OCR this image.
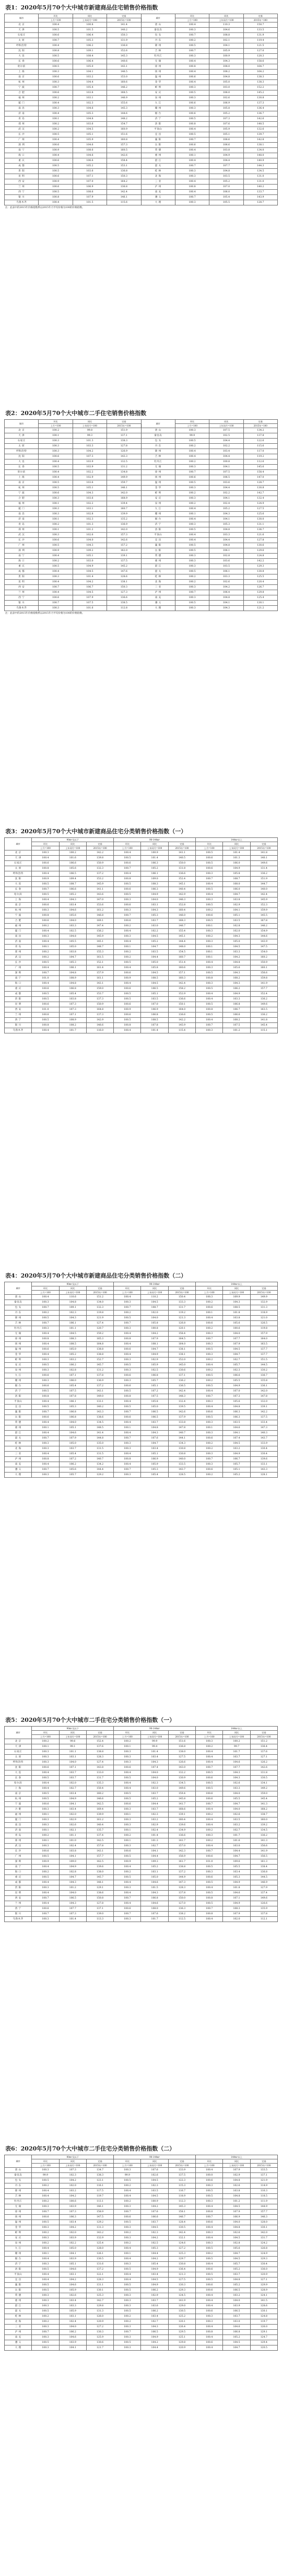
表1：2020年5月70个大中城市新建商品住宅销售价格指数
城市	环比	同比	定基	城市	环比	同比	定基
	上月=100	上年同月=100	2015年=100		上月=100	上年同月=100	2015年=100
北 京	100.4	100.8	141.4	唐 山	100.4	110.3	150.7
天 津	100.5	101.5	140.2	秦皇岛	100.3	104.6	133.5
石家庄	100.6	106.4	150.3	包 头	100.7	108.8	131.9
太 原	100.7	105.3	131.9	丹 东	100.2	102.1	119.4
呼和浩特	100.4	106.2	136.8	锦 州	100.5	104.1	121.5
沈 阳	100.8	109.1	152.6	吉 林	100.7	105.9	127.0
大 连	100.5	108.4	145.3	牡丹江	100.3	100.9	120.3
长 春	100.6	106.4	140.6	无 锡	100.4	104.3	158.6
哈尔滨	100.5	105.0	143.1	徐 州	100.8	108.0	164.7
上 海	100.3	104.1	146.5	扬 州	100.4	108.2	164.2
南 京	100.6	103.2	153.0	温 州	100.6	104.8	138.3
杭 州	100.3	104.4	160.6	金 华	100.4	105.0	138.3
宁 波	100.7	105.4	146.2	蚌 埠	100.3	103.0	152.2
合 肥	100.6	103.8	168.5	安 庆	100.5	106.0	145.2
福 州	100.2	103.1	146.9	泉 州	100.3	102.6	130.8
厦 门	100.4	102.3	155.6	九 江	100.6	106.9	137.3
南 昌	100.3	104.6	145.3	赣 州	100.3	105.8	136.4
济 南	100.4	105.3	144.6	烟 台	100.6	105.2	136.7
青 岛	100.1	104.8	148.2	济 宁	100.5	107.3	142.6
郑 州	100.2	103.6	154.7	洛 阳	100.8	107.6	148.5
武 汉	100.2	104.5	160.9	平顶山	100.4	105.9	132.6
长 沙	100.5	105.1	151.6	宜 昌	100.5	105.1	139.7
广 州	100.4	105.9	160.8	襄 阳	100.7	106.6	142.8
深 圳	100.6	104.6	157.3	岳 阳	100.6	106.6	138.1
南 宁	100.9	108.6	160.5	常 德	100.4	103.8	134.0
海 口	100.4	104.6	142.6	惠 州	100.1	104.9	148.0
重 庆	100.6	106.6	158.4	湛 江	100.4	104.4	140.9
成 都	100.5	105.2	153.1	韶 关	100.7	107.7	144.3
贵 阳	100.5	103.6	136.8	桂 林	100.3	104.8	134.5
昆 明	100.6	107.1	150.3	北 海	100.3	103.5	131.0
西 安	100.9	107.0	164.2	三 亚	100.4	105.2	131.0
兰 州	100.6	106.9	136.8	泸 州	100.8	107.0	140.2
西 宁	100.5	108.6	142.4	南 充	100.4	106.0	133.7
银 川	100.8	107.9	146.1	遵 义	100.7	105.4	143.9
乌鲁木齐	100.4	101.5	115.6	大 理	100.3	105.5	128.7
注：此表中的2015年价格指数系以2015年月平均价格为100的价格指数。
表2：2020年5月70个大中城市二手住宅销售价格指数
城市	环比	同比	定基	城市	环比	同比	定基
	上月=100	上年同月=100	2015年=100		上月=100	上年同月=100	2015年=100
北 京	100.2	99.8	151.9	唐 山	100.3	107.5	134.2
天 津	100.1	99.3	137.1	秦皇岛	99.9	102.5	137.8
石家庄	100.3	101.3	138.3	包 头	100.5	104.4	122.6
太 原	100.3	103.3	127.8	丹 东	100.2	102.2	115.6
呼和浩特	100.3	104.2	126.9	锦 州	100.4	103.4	117.0
沈 阳	100.6	107.3	143.3	吉 林	100.4	104.4	119.2
大 连	100.4	103.9	132.5	牡丹江	100.2	100.8	112.6
长 春	100.5	103.9	131.2	无 锡	100.3	104.1	145.6
哈尔滨	100.4	102.2	134.8	徐 州	100.7	107.5	158.4
上 海	100.4	102.9	149.9	扬 州	100.6	106.5	147.0
南 京	100.5	103.6	159.7	温 州	100.5	103.6	128.7
杭 州	100.5	105.1	146.1	金 华	100.3	104.4	130.8
宁 波	100.6	104.3	142.0	蚌 埠	100.2	102.2	142.7
合 肥	100.3	103.6	168.9	安 庆	100.3	104.1	132.4
福 州	100.1	102.2	139.4	泉 州	100.2	102.4	124.9
厦 门	100.3	103.1	160.7	九 江	100.4	105.2	127.5
南 昌	100.3	102.8	139.9	赣 州	100.1	104.3	125.6
济 南	100.1	102.3	135.2	烟 台	100.4	104.1	130.0
青 岛	100.2	101.3	136.9	济 宁	100.3	105.3	131.1
郑 州	100.1	101.2	142.0	洛 阳	100.5	104.8	136.7
武 汉	100.3	102.6	157.3	平顶山	100.4	103.3	121.6
长 沙	100.6	104.0	142.6	宜 昌	100.4	104.4	127.8
广 州	100.5	104.3	157.2	襄 阳	100.5	104.8	130.6
深 圳	100.9	109.2	162.0	岳 阳	100.5	106.1	129.6
南 宁	100.4	105.1	139.1	常 德	100.3	102.8	124.8
海 口	100.2	103.0	137.5	惠 州	100.3	103.6	142.2
重 庆	100.5	104.9	145.2	湛 江	100.3	103.5	129.3
成 都	100.4	104.5	147.6	韶 关	100.5	106.1	130.8
贵 阳	100.3	101.4	128.6	桂 林	100.2	103.3	125.5
昆 明	100.4	104.2	138.1	北 海	100.2	102.6	120.4
西 安	100.7	106.7	150.3	三 亚	100.3	104.2	126.7
兰 州	100.4	104.5	127.3	泸 州	100.7	106.4	129.8
西 宁	100.6	107.9	136.6	南 充	100.3	104.8	125.4
银 川	100.7	107.5	138.5	遵 义	100.5	104.1	130.1
乌鲁木齐	100.3	101.6	112.8	大 理	100.3	104.3	121.2
注：此表中的2015年价格指数系以2015年月平均价格为100的价格指数。
表3：2020年5月70个大中城市新建商品住宅分类销售价格指数（一）
城市	90m²及以下			90-144m²			144m²以上		
	环比	同比	定基	环比	同比	定基	环比	同比	定基
	上月=100	上年同月=100	2015年=100	上月=100	上年同月=100	2015年=100	上月=100	上年同月=100	2015年=100
北 京	100.3	100.2	142.2	100.4	100.9	141.1	100.5	101.4	141.8
天 津	100.4	101.6	139.8	100.5	101.4	140.5	100.6	101.3	140.1
石家庄	100.6	106.6	150.9	100.6	106.3	150.0	100.5	106.0	149.6
太 原	100.8	105.6	132.3	100.7	105.2	131.8	100.6	104.9	131.4
呼和浩特	100.4	106.5	137.2	100.4	106.1	136.6	100.3	105.8	136.2
沈 阳	100.9	109.4	153.2	100.8	109.0	152.4	100.7	108.7	151.9
大 连	100.5	108.7	145.9	100.5	108.3	145.1	100.4	108.0	144.7
长 春	100.7	106.6	141.1	100.6	106.3	140.4	100.5	106.0	140.0
哈尔滨	100.5	105.2	143.6	100.5	104.9	142.9	100.4	104.7	142.4
上 海	100.4	104.3	147.0	100.3	104.0	146.3	100.3	103.8	145.9
南 京	100.6	103.4	153.6	100.6	103.1	152.8	100.5	102.9	152.3
杭 州	100.3	104.6	161.2	100.3	104.3	160.4	100.2	104.1	159.9
宁 波	100.8	105.6	146.8	100.7	105.3	146.0	100.6	105.1	145.5
合 肥	100.6	104.0	169.1	100.6	103.7	168.3	100.5	103.5	167.8
福 州	100.2	103.3	147.4	100.2	103.0	146.7	100.1	102.8	146.2
厦 门	100.4	102.5	156.2	100.4	102.2	155.4	100.3	102.0	154.9
南 昌	100.3	104.8	145.9	100.3	104.5	145.1	100.2	104.3	144.6
济 南	100.4	105.5	145.1	100.4	105.2	144.4	100.3	105.0	143.9
青 岛	100.1	105.0	148.7	100.1	104.7	148.0	100.1	104.5	147.5
郑 州	100.2	103.8	155.3	100.2	103.5	154.5	100.1	103.3	154.0
武 汉	100.2	104.7	161.5	100.2	104.4	160.7	100.1	104.2	160.2
长 沙	100.5	105.3	152.1	100.5	105.0	151.4	100.4	104.8	150.9
广 州	100.4	106.1	161.4	100.4	105.8	160.6	100.3	105.6	160.1
深 圳	100.7	104.8	157.9	100.6	104.5	157.1	100.5	104.3	156.6
南 宁	101.0	108.9	161.1	100.9	108.5	160.3	100.8	108.2	159.8
海 口	100.4	104.8	143.1	100.4	104.5	142.4	100.3	104.3	141.9
重 庆	100.6	106.8	159.0	100.6	106.5	158.2	100.5	106.2	157.7
成 都	100.5	105.4	153.7	100.5	105.1	152.9	100.4	104.9	152.4
贵 阳	100.5	103.8	137.3	100.5	103.5	136.6	100.4	103.3	136.2
昆 明	100.6	107.3	150.9	100.6	107.0	150.1	100.5	106.8	149.6
西 安	101.0	107.3	164.8	100.9	106.9	164.0	100.8	106.7	163.5
兰 州	100.6	107.1	137.3	100.6	106.8	136.6	100.5	106.6	136.2
西 宁	100.5	108.9	142.9	100.5	108.5	142.2	100.4	108.2	141.8
银 川	100.8	108.2	146.6	100.8	107.8	145.9	100.7	107.5	145.4
乌鲁木齐	100.4	101.7	116.0	100.4	101.4	115.4	100.3	101.2	115.1
表4：2020年5月70个大中城市新建商品住宅分类销售价格指数（二）
城市	90m²及以下			90-144m²			144m²以上		
	环比	同比	定基	环比	同比	定基	环比	同比	定基
	上月=100	上年同月=100	2015年=100	上月=100	上年同月=100	2015年=100	上月=100	上年同月=100	2015年=100
唐 山	100.4	110.6	151.2	100.4	110.2	150.4	100.3	109.9	149.9
秦皇岛	100.3	104.8	134.0	100.3	104.5	133.3	100.2	104.3	132.9
包 头	100.7	109.1	132.3	100.7	108.7	131.7	100.6	108.5	131.3
丹 东	100.2	102.3	119.8	100.2	102.0	119.2	100.1	101.8	118.9
锦 州	100.5	104.3	121.9	100.5	104.0	121.3	100.4	103.8	121.0
吉 林	100.7	106.1	127.4	100.7	105.8	126.8	100.6	105.6	126.5
牡丹江	100.3	101.1	120.7	100.3	100.8	120.1	100.2	100.6	119.8
无 锡	100.4	104.5	159.2	100.4	104.2	158.4	100.3	104.0	157.9
徐 州	100.8	108.3	165.3	100.8	107.9	164.5	100.7	107.7	164.0
扬 州	100.4	108.5	164.8	100.4	108.1	164.0	100.3	107.9	163.5
温 州	100.6	105.0	138.8	100.6	104.7	138.1	100.5	104.5	137.7
金 华	100.4	105.2	138.8	100.4	104.9	138.1	100.3	104.7	137.7
蚌 埠	100.3	103.2	152.7	100.3	102.9	152.0	100.2	102.7	151.5
安 庆	100.5	106.2	145.7	100.5	105.9	145.0	100.4	105.7	144.5
泉 州	100.3	102.8	131.2	100.3	102.5	130.6	100.2	102.3	130.2
九 江	100.6	107.1	137.8	100.6	106.8	137.1	100.5	106.6	136.7
赣 州	100.3	106.0	136.9	100.3	105.7	136.2	100.2	105.5	135.8
烟 台	100.6	105.4	137.2	100.6	105.1	136.5	100.5	104.9	136.1
济 宁	100.5	107.5	143.1	100.5	107.2	142.4	100.4	107.0	142.0
洛 阳	100.8	107.8	149.0	100.8	107.5	148.3	100.7	107.3	147.8
平顶山	100.4	106.1	133.1	100.4	105.8	132.4	100.3	105.6	132.0
宜 昌	100.5	105.3	140.2	100.5	105.0	139.5	100.4	104.8	139.1
襄 阳	100.7	106.8	143.3	100.7	106.5	142.6	100.6	106.3	142.2
岳 阳	100.6	106.8	138.6	100.6	106.5	137.9	100.5	106.3	137.5
常 德	100.4	104.0	134.5	100.4	103.7	133.8	100.3	103.5	133.4
惠 州	100.1	105.1	148.5	100.1	104.8	147.8	100.1	104.6	147.3
湛 江	100.4	104.6	141.4	100.4	104.3	140.7	100.3	104.1	140.3
韶 关	100.7	107.9	144.8	100.7	107.6	144.1	100.6	107.4	143.7
桂 林	100.3	105.0	135.0	100.3	104.7	134.3	100.2	104.5	133.9
北 海	100.3	103.7	131.5	100.3	103.4	130.8	100.2	103.2	130.4
三 亚	100.4	105.4	131.5	100.4	105.1	130.8	100.3	104.9	130.4
泸 州	100.8	107.2	140.7	100.8	106.9	140.0	100.7	106.7	139.6
南 充	100.4	106.2	134.2	100.4	105.9	133.5	100.3	105.7	133.1
遵 义	100.7	105.6	144.4	100.7	105.3	143.7	100.6	105.1	143.3
大 理	100.3	105.7	129.2	100.3	105.4	128.5	100.2	105.2	128.1
表5：2020年5月70个大中城市二手住宅分类销售价格指数（一）
城市	90m²及以下			90-144m²			144m²以上		
	环比	同比	定基	环比	同比	定基	环比	同比	定基
	上月=100	上年同月=100	2015年=100	上月=100	上年同月=100	2015年=100	上月=100	上年同月=100	2015年=100
北 京	100.2	99.6	152.4	100.2	99.9	151.6	100.3	100.2	151.2
天 津	100.1	99.1	137.6	100.1	99.4	136.8	100.2	99.7	136.4
石家庄	100.3	101.1	138.8	100.3	101.4	138.0	100.4	101.7	137.6
太 原	100.3	103.1	128.3	100.3	103.4	127.5	100.4	103.7	127.1
呼和浩特	100.3	104.0	127.4	100.3	104.3	126.6	100.4	104.6	126.2
沈 阳	100.6	107.1	143.8	100.6	107.4	143.0	100.7	107.7	142.6
大 连	100.4	103.7	133.0	100.4	104.0	132.2	100.5	104.3	131.8
长 春	100.5	103.7	131.7	100.5	104.0	130.9	100.6	104.3	130.5
哈尔滨	100.4	102.0	135.3	100.4	102.3	134.5	100.5	102.6	134.1
上 海	100.4	102.7	150.4	100.4	103.0	149.6	100.5	103.3	149.2
南 京	100.5	103.4	160.2	100.5	103.7	159.4	100.6	104.0	159.0
杭 州	100.5	104.9	146.6	100.5	105.2	145.8	100.6	105.5	145.4
宁 波	100.6	104.1	142.5	100.6	104.4	141.7	100.7	104.7	141.3
合 肥	100.3	103.4	169.4	100.3	103.7	168.6	100.4	104.0	168.2
福 州	100.1	102.0	139.9	100.1	102.3	139.1	100.2	102.6	138.7
厦 门	100.3	102.9	161.2	100.3	103.2	160.4	100.4	103.5	160.0
南 昌	100.3	102.6	140.4	100.3	102.9	139.6	100.4	103.2	139.2
济 南	100.1	102.1	135.7	100.1	102.4	134.9	100.2	102.7	134.5
青 岛	100.2	101.1	137.4	100.2	101.4	136.6	100.3	101.7	136.2
郑 州	100.1	101.0	142.5	100.1	101.3	141.7	100.2	101.6	141.3
武 汉	100.3	102.4	157.8	100.3	102.7	157.0	100.4	103.0	156.6
长 沙	100.6	103.8	143.1	100.6	104.1	142.3	100.7	104.4	141.9
广 州	100.5	104.1	157.7	100.5	104.4	156.9	100.6	104.7	156.5
深 圳	100.9	109.0	162.5	100.9	109.3	161.7	101.0	109.6	161.3
南 宁	100.4	104.9	139.6	100.4	105.2	138.8	100.5	105.5	138.4
海 口	100.2	102.8	138.0	100.2	103.1	137.2	100.3	103.4	136.8
重 庆	100.5	104.7	145.7	100.5	105.0	144.9	100.6	105.3	144.5
成 都	100.4	104.3	148.1	100.4	104.6	147.3	100.5	104.9	146.9
贵 阳	100.3	101.2	129.1	100.3	101.5	128.3	100.4	101.8	127.9
昆 明	100.4	104.0	138.6	100.4	104.3	137.8	100.5	104.6	137.4
西 安	100.7	106.5	150.8	100.7	106.8	150.0	100.8	107.1	149.6
兰 州	100.4	104.3	127.8	100.4	104.6	127.0	100.5	104.9	126.6
西 宁	100.6	107.7	137.1	100.6	108.0	136.3	100.7	108.3	135.9
银 川	100.7	107.3	139.0	100.7	107.6	138.2	100.8	107.9	137.8
乌鲁木齐	100.3	101.4	113.3	100.3	101.7	112.5	100.4	102.0	112.1
表6：2020年5月70个大中城市二手住宅分类销售价格指数（二）
城市	90m²及以下			90-144m²			144m²以上		
	环比	同比	定基	环比	同比	定基	环比	同比	定基
	上月=100	上年同月=100	2015年=100	上月=100	上年同月=100	2015年=100	上月=100	上年同月=100	2015年=100
唐 山	100.3	107.3	134.7	100.3	107.6	133.9	100.4	107.9	133.5
秦皇岛	99.9	102.3	138.3	99.9	102.6	137.5	100.0	102.9	137.1
包 头	100.5	104.2	123.1	100.5	104.5	122.3	100.6	104.8	121.9
丹 东	100.2	102.0	116.1	100.2	102.3	115.3	100.3	102.6	114.9
锦 州	100.4	103.2	117.5	100.4	103.5	116.7	100.5	103.8	116.3
吉 林	100.4	104.2	119.7	100.4	104.5	118.9	100.5	104.8	118.5
牡丹江	100.2	100.6	113.1	100.2	100.9	112.3	100.3	101.2	111.9
无 锡	100.3	103.9	146.1	100.3	104.2	145.3	100.4	104.5	144.9
徐 州	100.7	107.3	158.9	100.7	107.6	158.1	100.8	107.9	157.7
扬 州	100.6	106.3	147.5	100.6	106.6	146.7	100.7	106.9	146.3
温 州	100.5	103.4	129.2	100.5	103.7	128.4	100.6	104.0	128.0
金 华	100.3	104.2	131.3	100.3	104.5	130.5	100.4	104.8	130.1
蚌 埠	100.2	102.0	143.2	100.2	102.3	142.4	100.3	102.6	142.0
安 庆	100.3	103.9	132.9	100.3	104.2	132.1	100.4	104.5	131.7
泉 州	100.2	102.2	125.4	100.2	102.5	124.6	100.3	102.8	124.2
九 江	100.4	105.0	128.0	100.4	105.3	127.2	100.5	105.6	126.8
赣 州	100.1	104.1	126.1	100.1	104.4	125.3	100.2	104.7	124.9
烟 台	100.4	103.9	130.5	100.4	104.2	129.7	100.5	104.5	129.3
济 宁	100.3	105.1	131.6	100.3	105.4	130.8	100.4	105.7	130.4
洛 阳	100.5	104.6	137.2	100.5	104.9	136.4	100.6	105.2	136.0
平顶山	100.4	103.1	122.1	100.4	103.4	121.3	100.5	103.7	120.9
宜 昌	100.4	104.2	128.3	100.4	104.5	127.5	100.5	104.8	127.1
襄 阳	100.5	104.6	131.1	100.5	104.9	130.3	100.6	105.2	129.9
岳 阳	100.5	105.9	130.1	100.5	106.2	129.3	100.6	106.5	128.9
常 德	100.3	102.6	125.3	100.3	102.9	124.5	100.4	103.2	124.1
惠 州	100.3	103.4	142.7	100.3	103.7	141.9	100.4	104.0	141.5
湛 江	100.3	103.3	129.8	100.3	103.6	129.0	100.4	103.9	128.6
韶 关	100.5	105.9	131.3	100.5	106.2	130.5	100.6	106.5	130.1
桂 林	100.2	103.1	126.0	100.2	103.4	125.2	100.3	103.7	124.8
北 海	100.2	102.4	120.9	100.2	102.7	120.1	100.3	103.0	119.7
三 亚	100.3	104.0	127.2	100.3	104.3	126.4	100.4	104.6	126.0
泸 州	100.7	106.2	130.3	100.7	106.5	129.5	100.8	106.8	129.1
南 充	100.3	104.6	125.9	100.3	104.9	125.1	100.4	105.2	124.7
遵 义	100.5	103.9	130.6	100.5	104.2	129.8	100.6	104.5	129.4
大 理	100.3	104.1	121.7	100.3	104.4	120.9	100.4	104.7	120.5
